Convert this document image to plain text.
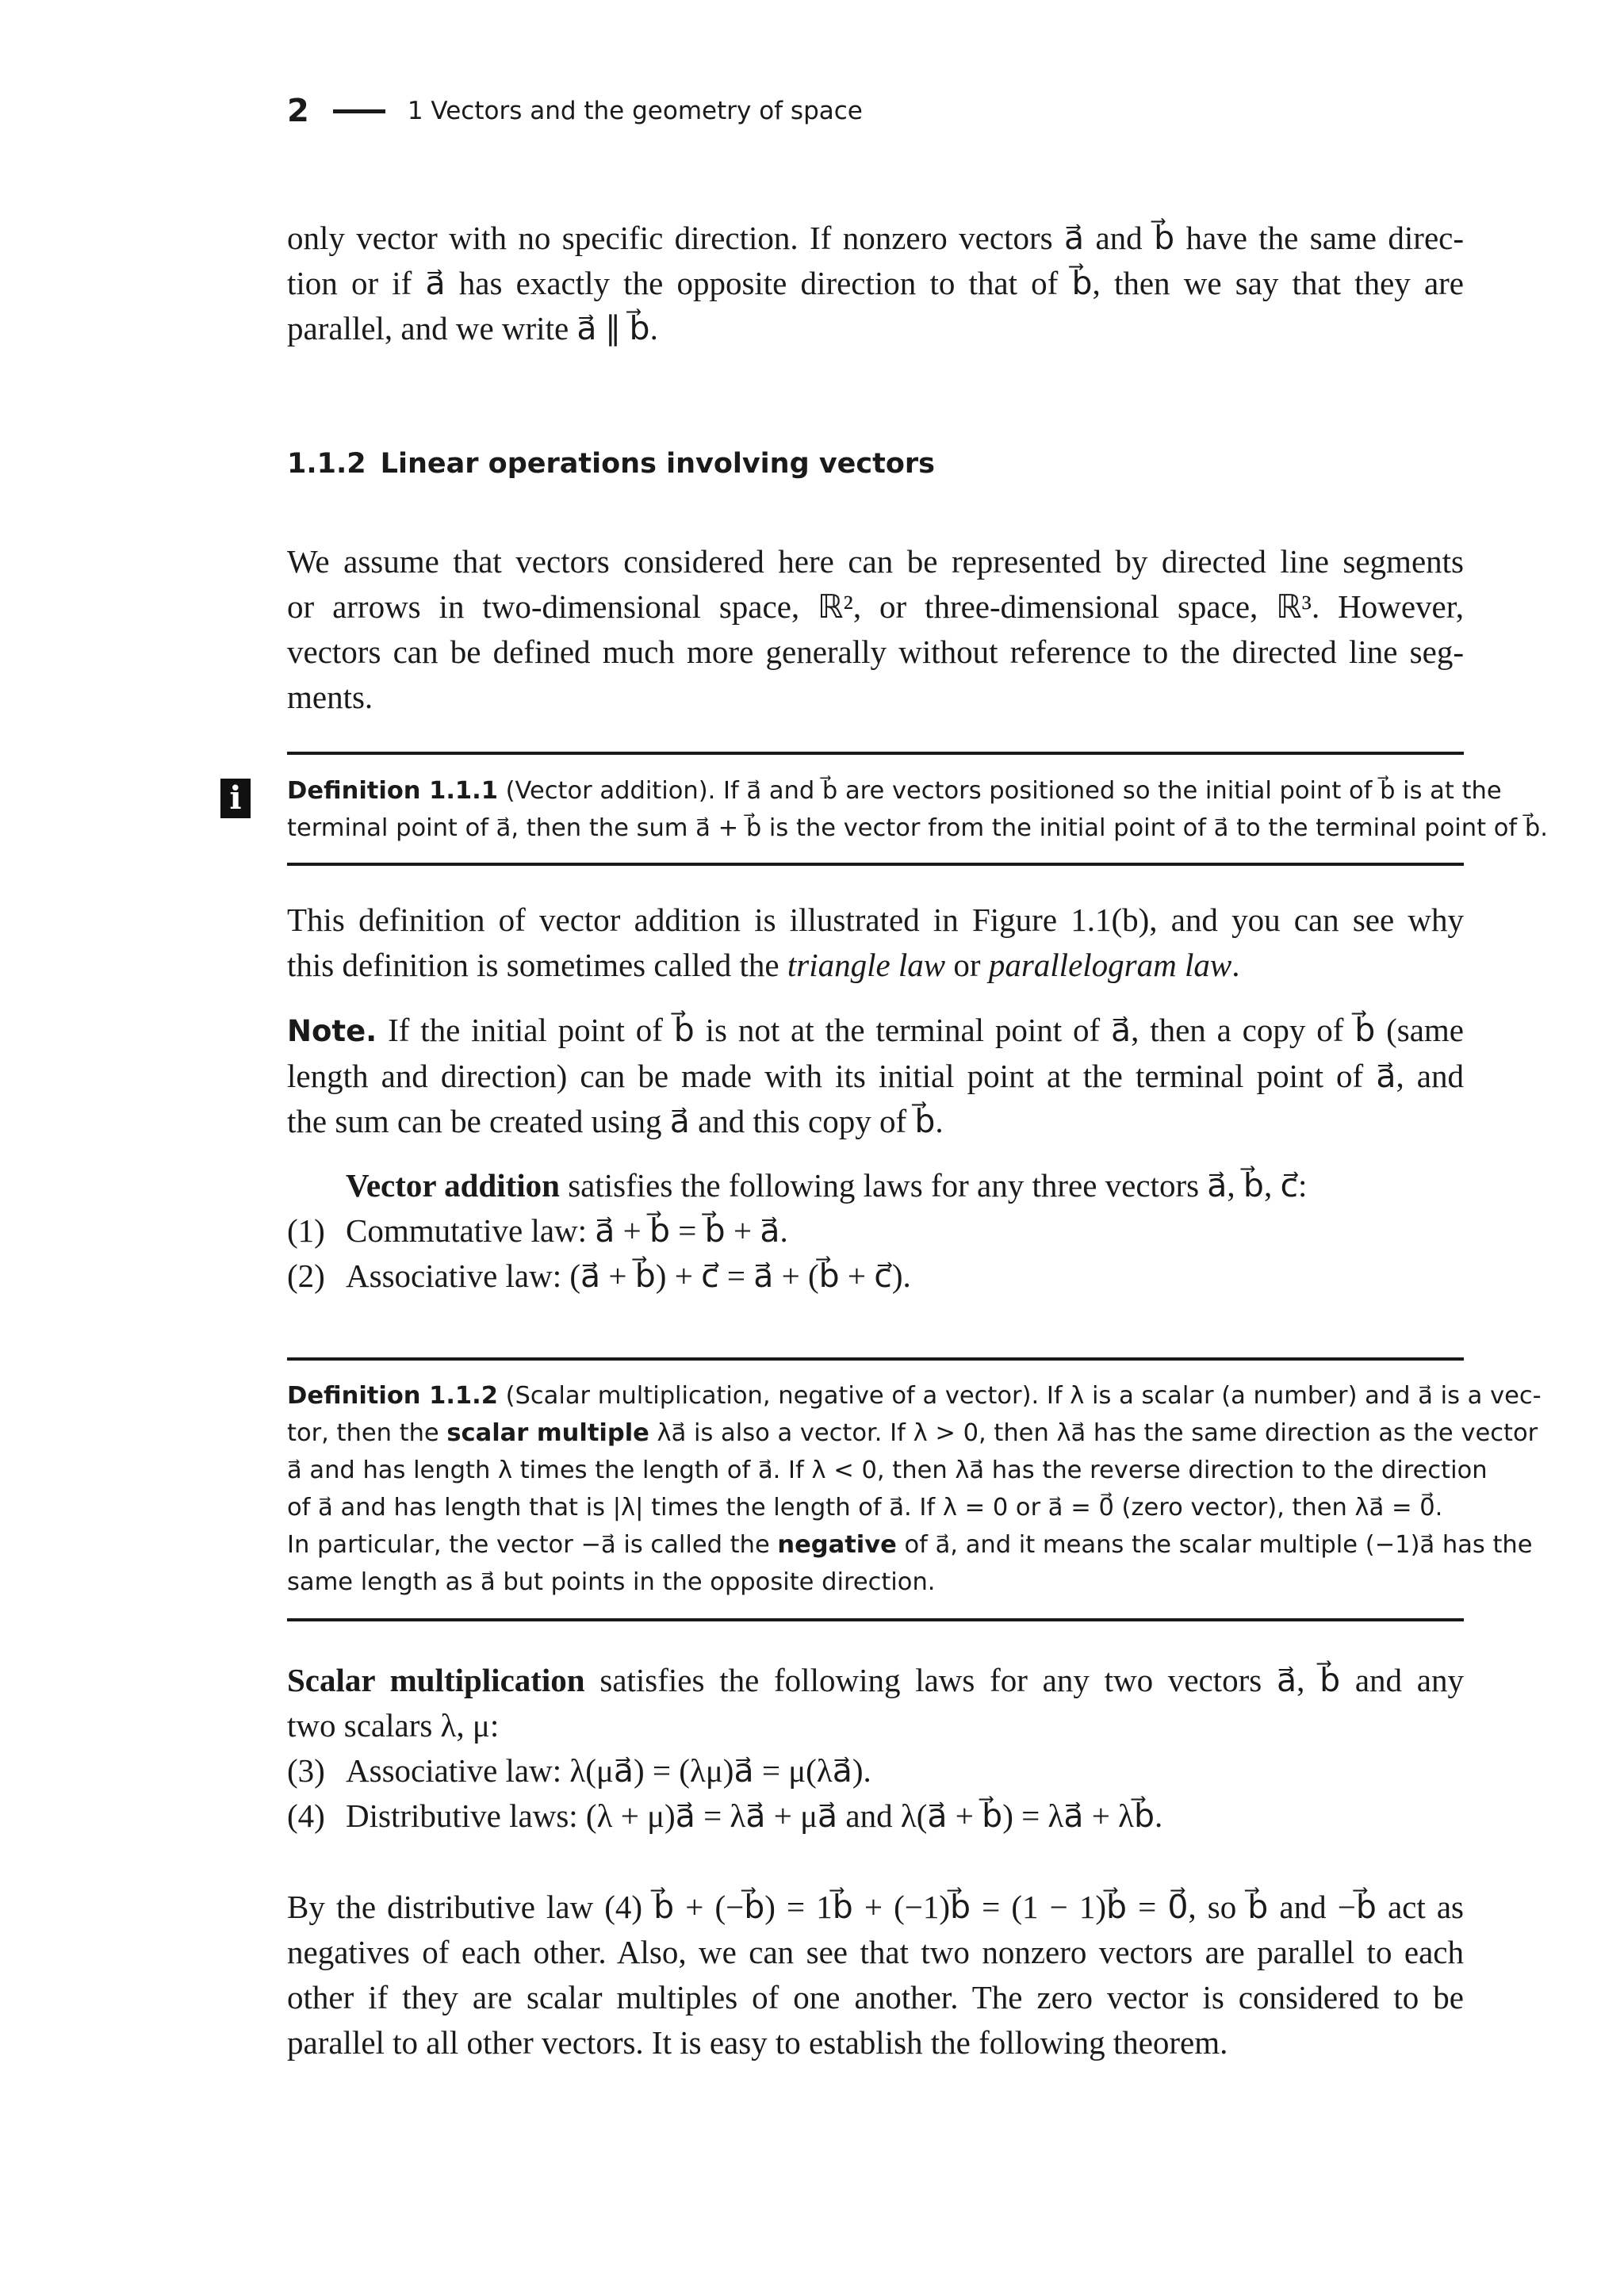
2	1 Vectors and the geometry of space
only vector with no specific direction. If nonzero vectors a⃗ and b⃗ have the same direc-
tion or if a⃗ has exactly the opposite direction to that of b⃗, then we say that they are
parallel, and we write a⃗ ∥ b⃗.
1.1.2 Linear operations involving vectors
We assume that vectors considered here can be represented by directed line segments
or arrows in two-dimensional space, ℝ², or three-dimensional space, ℝ³. However,
vectors can be defined much more generally without reference to the directed line seg-
ments.
i	Definition 1.1.1 (Vector addition). If a⃗ and b⃗ are vectors positioned so the initial point of b⃗ is at the
terminal point of a⃗, then the sum a⃗ + b⃗ is the vector from the initial point of a⃗ to the terminal point of b⃗.
This definition of vector addition is illustrated in Figure 1.1(b), and you can see why
this definition is sometimes called the triangle law or parallelogram law.
Note. If the initial point of b⃗ is not at the terminal point of a⃗, then a copy of b⃗ (same
length and direction) can be made with its initial point at the terminal point of a⃗, and
the sum can be created using a⃗ and this copy of b⃗.
Vector addition satisfies the following laws for any three vectors a⃗, b⃗, c⃗:
(1) Commutative law: a⃗ + b⃗ = b⃗ + a⃗.
(2) Associative law: (a⃗ + b⃗) + c⃗ = a⃗ + (b⃗ + c⃗).
Definition 1.1.2 (Scalar multiplication, negative of a vector). If λ is a scalar (a number) and a⃗ is a vec-
tor, then the scalar multiple λa⃗ is also a vector. If λ > 0, then λa⃗ has the same direction as the vector
a⃗ and has length λ times the length of a⃗. If λ < 0, then λa⃗ has the reverse direction to the direction
of a⃗ and has length that is |λ| times the length of a⃗. If λ = 0 or a⃗ = 0⃗ (zero vector), then λa⃗ = 0⃗.
In particular, the vector −a⃗ is called the negative of a⃗, and it means the scalar multiple (−1)a⃗ has the
same length as a⃗ but points in the opposite direction.
Scalar multiplication satisfies the following laws for any two vectors a⃗, b⃗ and any
two scalars λ, μ:
(3) Associative law: λ(μa⃗) = (λμ)a⃗ = μ(λa⃗).
(4) Distributive laws: (λ + μ)a⃗ = λa⃗ + μa⃗ and λ(a⃗ + b⃗) = λa⃗ + λb⃗.
By the distributive law (4) b⃗ + (−b⃗) = 1b⃗ + (−1)b⃗ = (1 − 1)b⃗ = 0⃗, so b⃗ and −b⃗ act as
negatives of each other. Also, we can see that two nonzero vectors are parallel to each
other if they are scalar multiples of one another. The zero vector is considered to be
parallel to all other vectors. It is easy to establish the following theorem.
